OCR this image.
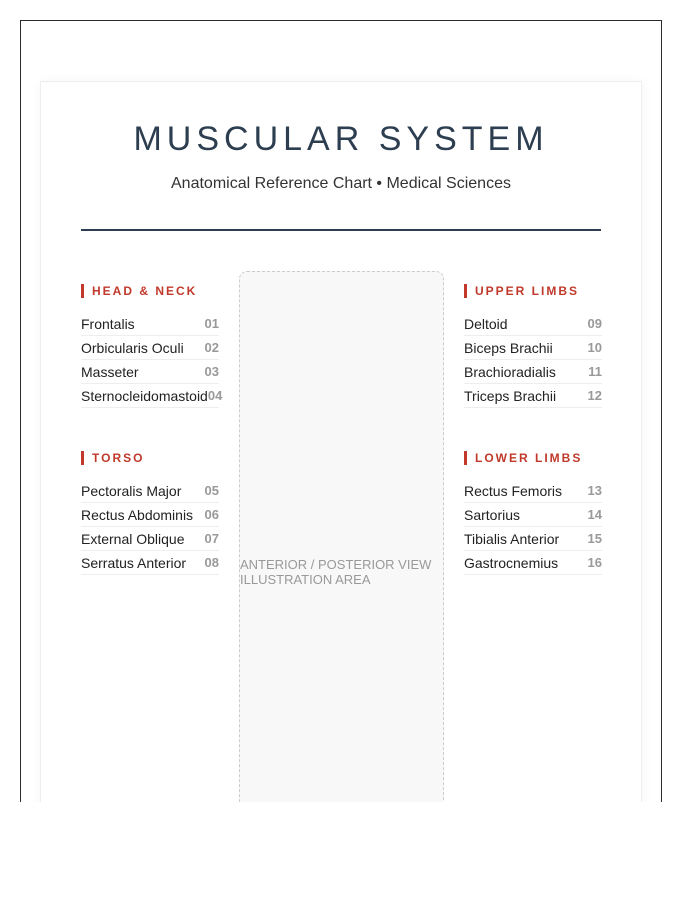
MUSCULAR SYSTEM
Anatomical Reference Chart • Medical Sciences
HEAD & NECK
Frontalis	01
Orbicularis Oculi 02
Masseter	03
Sternocleidomastoid 04
TORSO
Pectoralis Major 05
Rectus Abdominis 06
External Oblique 07
Serratus Anterior 08 ANTERIOR / POSTERIOR VIEW
ILLUSTRATION AREA
UPPER LIMBS
Deltoid	09
Biceps Brachii	10
Brachioradialis 11
Triceps Brachii 12
LOWER LIMBS
Rectus Femoris 13
Sartorius	14
Tibialis Anterior 15
Gastrocnemius 16
